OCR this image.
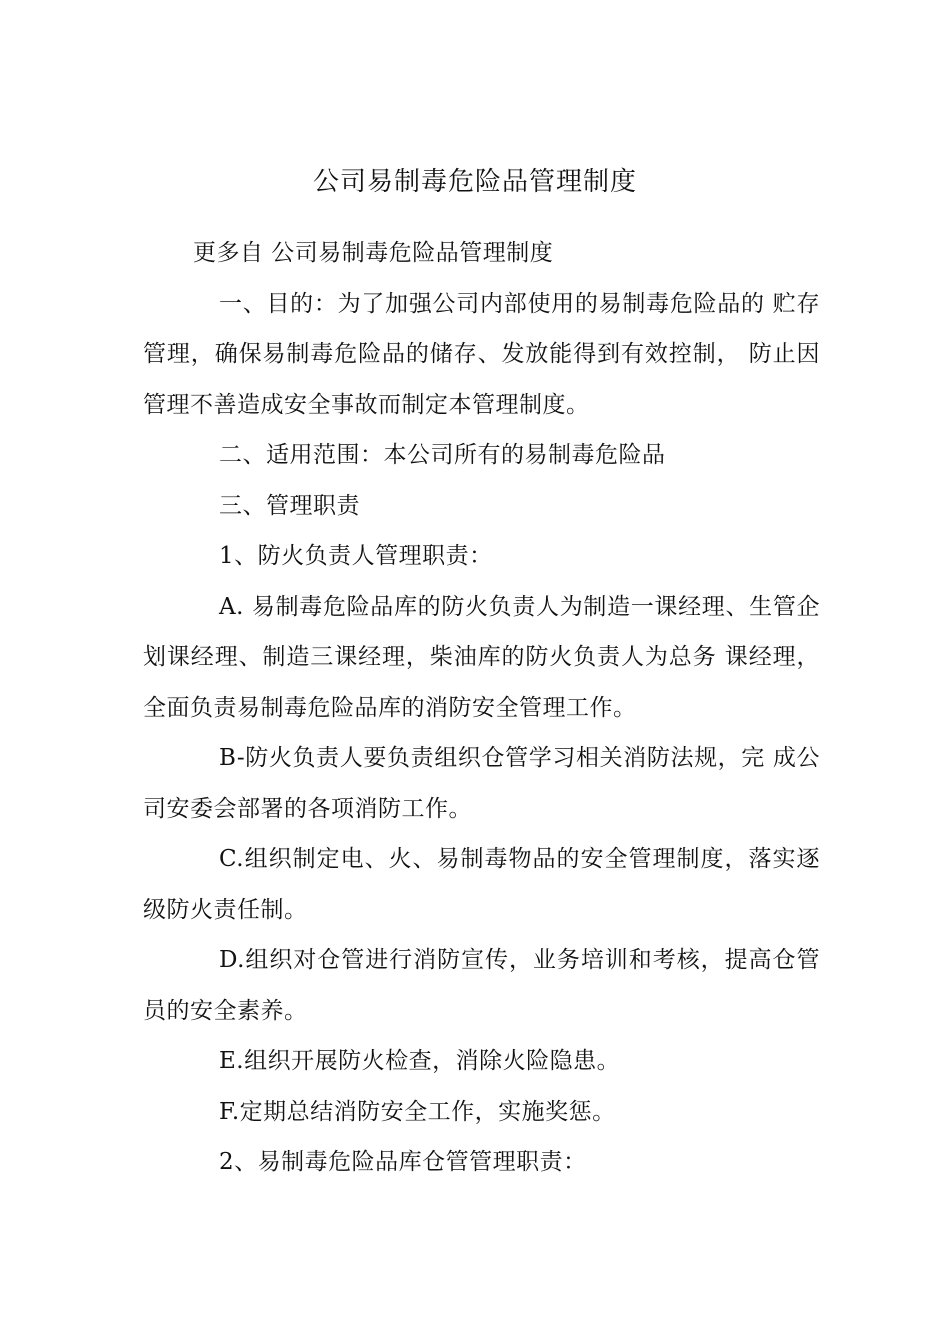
公司易制毒危险品管理制度

更多自 公司易制毒危险品管理制度

一、目的：为了加强公司内部使用的易制毒危险品的 贮存管理，确保易制毒危险品的储存、发放能得到有效控制， 防止因管理不善造成安全事故而制定本管理制度。

二、适用范围：本公司所有的易制毒危险品

三、管理职责

1、防火负责人管理职责：

A. 易制毒危险品库的防火负责人为制造一课经理、生管企划课经理、制造三课经理，柴油库的防火负责人为总务 课经理，全面负责易制毒危险品库的消防安全管理工作。

B-防火负责人要负责组织仓管学习相关消防法规，完 成公司安委会部署的各项消防工作。

C.组织制定电、火、易制毒物品的安全管理制度，落实逐级防火责任制。

D.组织对仓管进行消防宣传，业务培训和考核，提高仓管员的安全素养。

E.组织开展防火检查，消除火险隐患。

F.定期总结消防安全工作，实施奖惩。

2、易制毒危险品库仓管管理职责：
